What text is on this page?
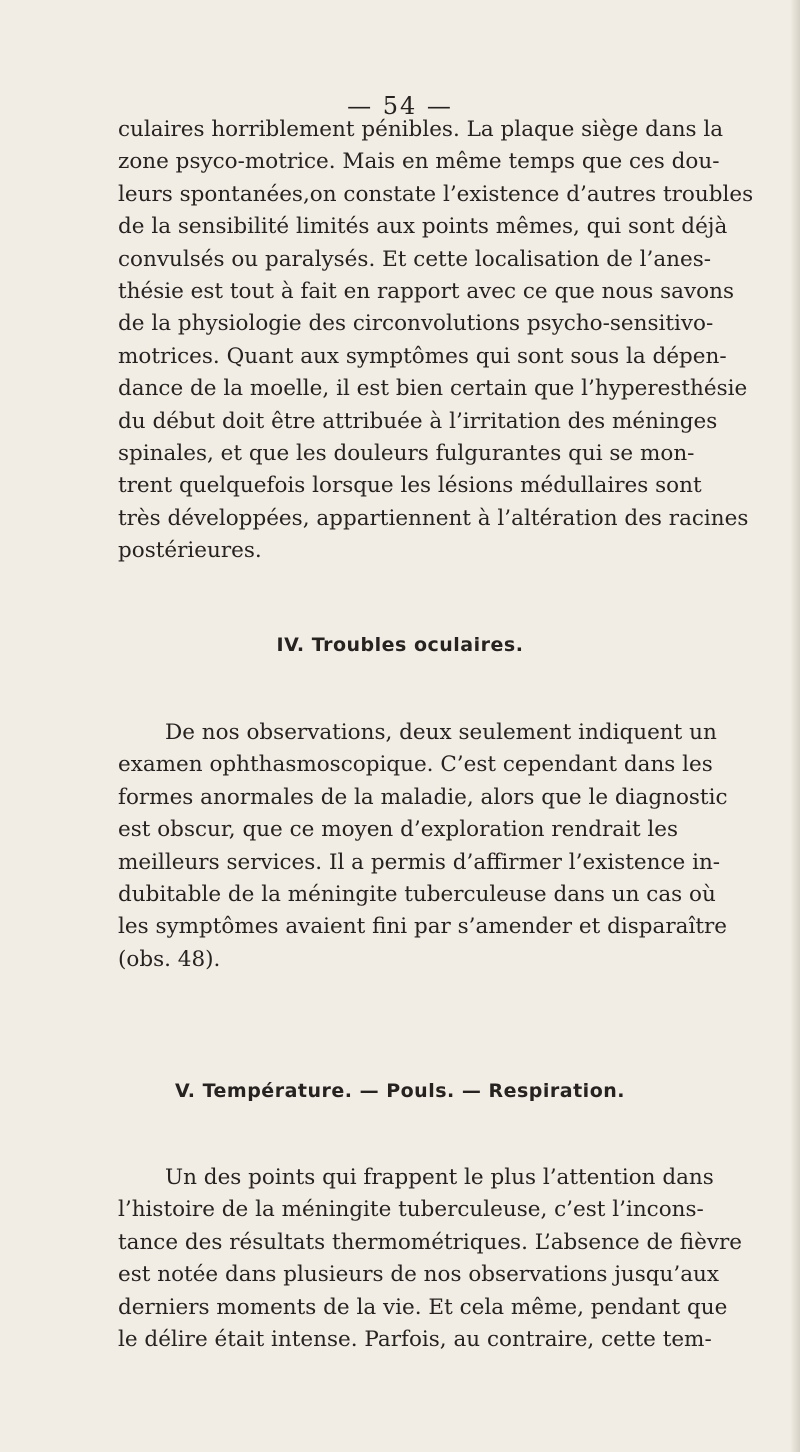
— 54 —

culaires horriblement pénibles. La plaque siège dans la
zone psyco-motrice. Mais en même temps que ces dou-
leurs spontanées,on constate l’existence d’autres troubles
de la sensibilité limités aux points mêmes, qui sont déjà
convulsés ou paralysés. Et cette localisation de l’anes-
thésie est tout à fait en rapport avec ce que nous savons
de la physiologie des circonvolutions psycho-sensitivo-
motrices. Quant aux symptômes qui sont sous la dépen-
dance de la moelle, il est bien certain que l’hyperesthésie
du début doit être attribuée à l’irritation des méninges
spinales, et que les douleurs fulgurantes qui se mon-
trent quelquefois lorsque les lésions médullaires sont
très développées, appartiennent à l’altération des racines
postérieures.

IV. Troubles oculaires.

De nos observations, deux seulement indiquent un
examen ophthasmoscopique. C’est cependant dans les
formes anormales de la maladie, alors que le diagnostic
est obscur, que ce moyen d’exploration rendrait les
meilleurs services. Il a permis d’affirmer l’existence in-
dubitable de la méningite tuberculeuse dans un cas où
les symptômes avaient fini par s’amender et disparaître
(obs. 48).

V. Température. — Pouls. — Respiration.

Un des points qui frappent le plus l’attention dans
l’histoire de la méningite tuberculeuse, c’est l’incons-
tance des résultats thermométriques. L’absence de fièvre
est notée dans plusieurs de nos observations jusqu’aux
derniers moments de la vie. Et cela même, pendant que
le délire était intense. Parfois, au contraire, cette tem-
